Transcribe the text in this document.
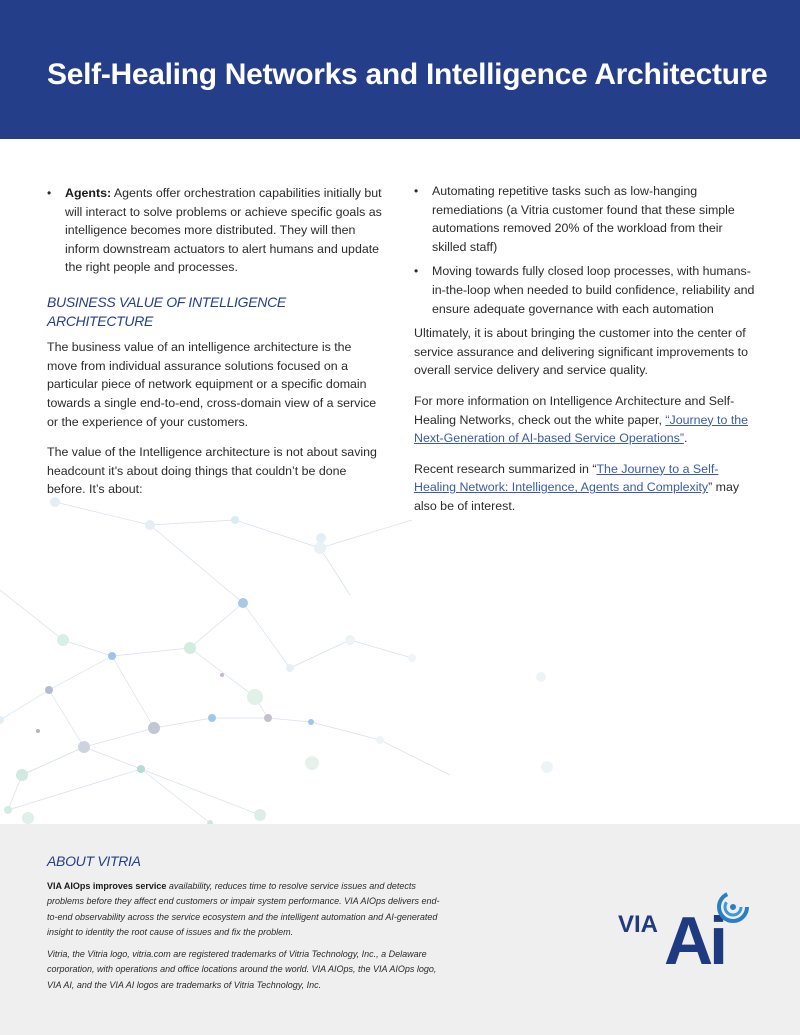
Self-Healing Networks and Intelligence Architecture
• Agents: Agents offer orchestration capabilities initially but will interact to solve problems or achieve specific goals as intelligence becomes more distributed. They will then inform downstream actuators to alert humans and update the right people and processes.
BUSINESS VALUE OF INTELLIGENCE ARCHITECTURE

The business value of an intelligence architecture is the move from individual assurance solutions focused on a particular piece of network equipment or a specific domain towards a single end-to-end, cross-domain view of a service or the experience of your customers.

The value of the Intelligence architecture is not about saving headcount it’s about doing things that couldn’t be done before. It’s about:

• Automating repetitive tasks such as low-hanging remediations (a Vitria customer found that these simple automations removed 20% of the workload from their skilled staff)
• Moving towards fully closed loop processes, with humans-in-the-loop when needed to build confidence, reliability and ensure adequate governance with each automation

Ultimately, it is about bringing the customer into the center of service assurance and delivering significant improvements to overall service delivery and service quality.

For more information on Intelligence Architecture and Self-Healing Networks, check out the white paper, “Journey to the Next-Generation of AI-based Service Operations”.

Recent research summarized in “The Journey to a Self-Healing Network: Intelligence, Agents and Complexity” may also be of interest.

ABOUT VITRIA

VIA AIOps improves service availability, reduces time to resolve service issues and detects problems before they affect end customers or impair system performance. VIA AIOps delivers end-to-end observability across the service ecosystem and the intelligent automation and AI-generated insight to identity the root cause of issues and fix the problem.

Vitria, the Vitria logo, vitria.com are registered trademarks of Vitria Technology, Inc., a Delaware corporation, with operations and office locations around the world. VIA AIOps, the VIA AIOps logo, VIA AI, and the VIA AI logos are trademarks of Vitria Technology, Inc.

VIA Ai
